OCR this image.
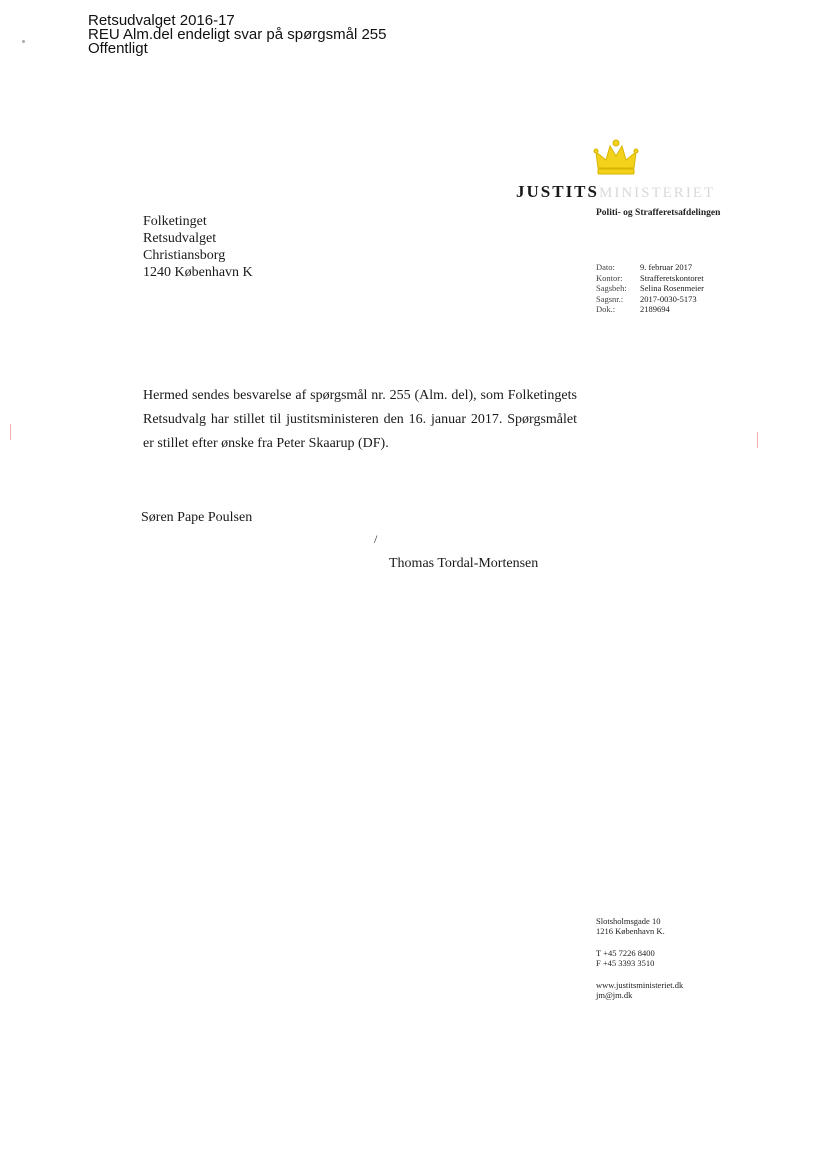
Retsudvalget 2016-17
REU Alm.del endeligt svar på spørgsmål 255
Offentligt
JUSTITSMINISTERIET
Politi- og Strafferetsafdelingen
Folketinget
Retsudvalget
Christiansborg
1240 København K	Dato:	9. februar 2017
Kontor:	Strafferetskontoret
Sagsbeh:	Selina Rosenmeier
Sagsnr.:	2017-0030-5173
Dok.:	2189694
Hermed sendes besvarelse af spørgsmål nr. 255 (Alm. del), som Folketingets Retsudvalg har stillet til justitsministeren den 16. januar 2017. Spørgsmålet er stillet efter ønske fra Peter Skaarup (DF).
Søren Pape Poulsen
/
Thomas Tordal-Mortensen
Slotsholmsgade 10
1216 København K.
T +45 7226 8400
F +45 3393 3510
www.justitsministeriet.dk
jm@jm.dk
